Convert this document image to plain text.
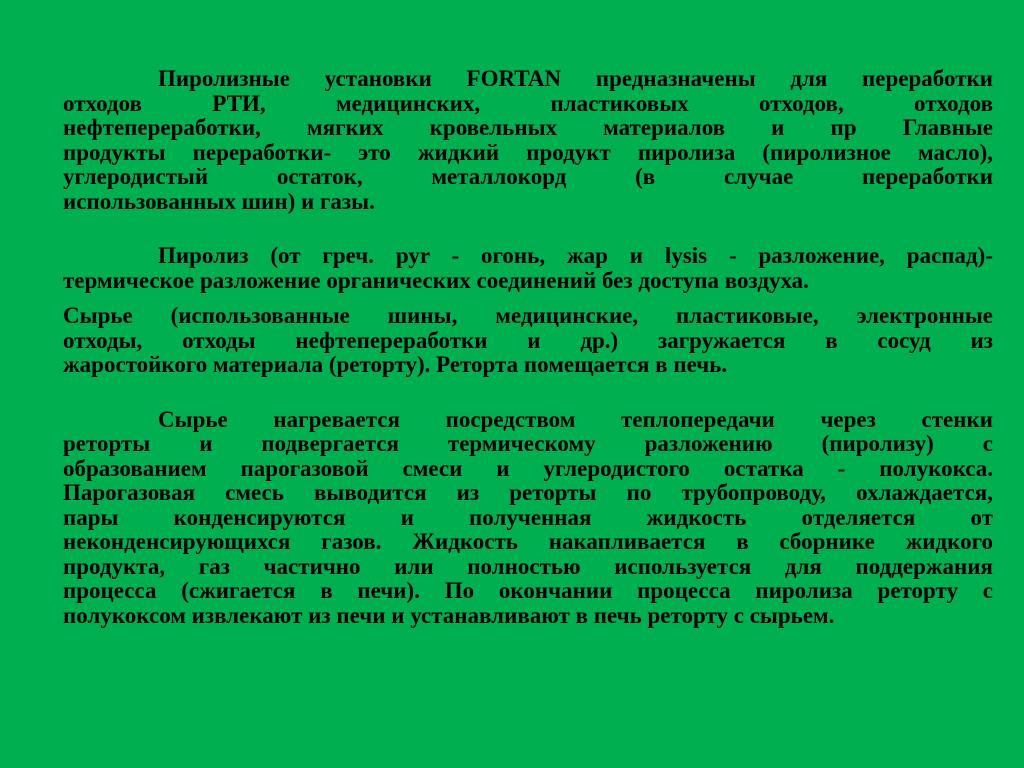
Пиролизные установки FORTAN предназначены для переработки
отходов РТИ, медицинских, пластиковых отходов, отходов
нефтепереработки, мягких кровельных материалов и пр Главные
продукты переработки- это жидкий продукт пиролиза (пиролизное масло),
углеродистый остаток, металлокорд (в случае переработки
использованных шин) и газы.
Пиролиз (от греч. руr - огонь, жар и lysis - разложение, распад)-
термическое разложение органических соединений без доступа воздуха.
Сырье (использованные шины, медицинские, пластиковые, электронные
отходы, отходы нефтепереработки и др.) загружается в сосуд из
жаростойкого материала (реторту). Реторта помещается в печь.
Сырье нагревается посредством теплопередачи через стенки
реторты и подвергается термическому разложению (пиролизу) с
образованием парогазовой смеси и углеродистого остатка - полукокса.
Парогазовая смесь выводится из реторты по трубопроводу, охлаждается,
пары конденсируются и полученная жидкость отделяется от
неконденсирующихся газов. Жидкость накапливается в сборнике жидкого
продукта, газ частично или полностью используется для поддержания
процесса (сжигается в печи). По окончании процесса пиролиза реторту с
полукоксом извлекают из печи и устанавливают в печь реторту с сырьем.
